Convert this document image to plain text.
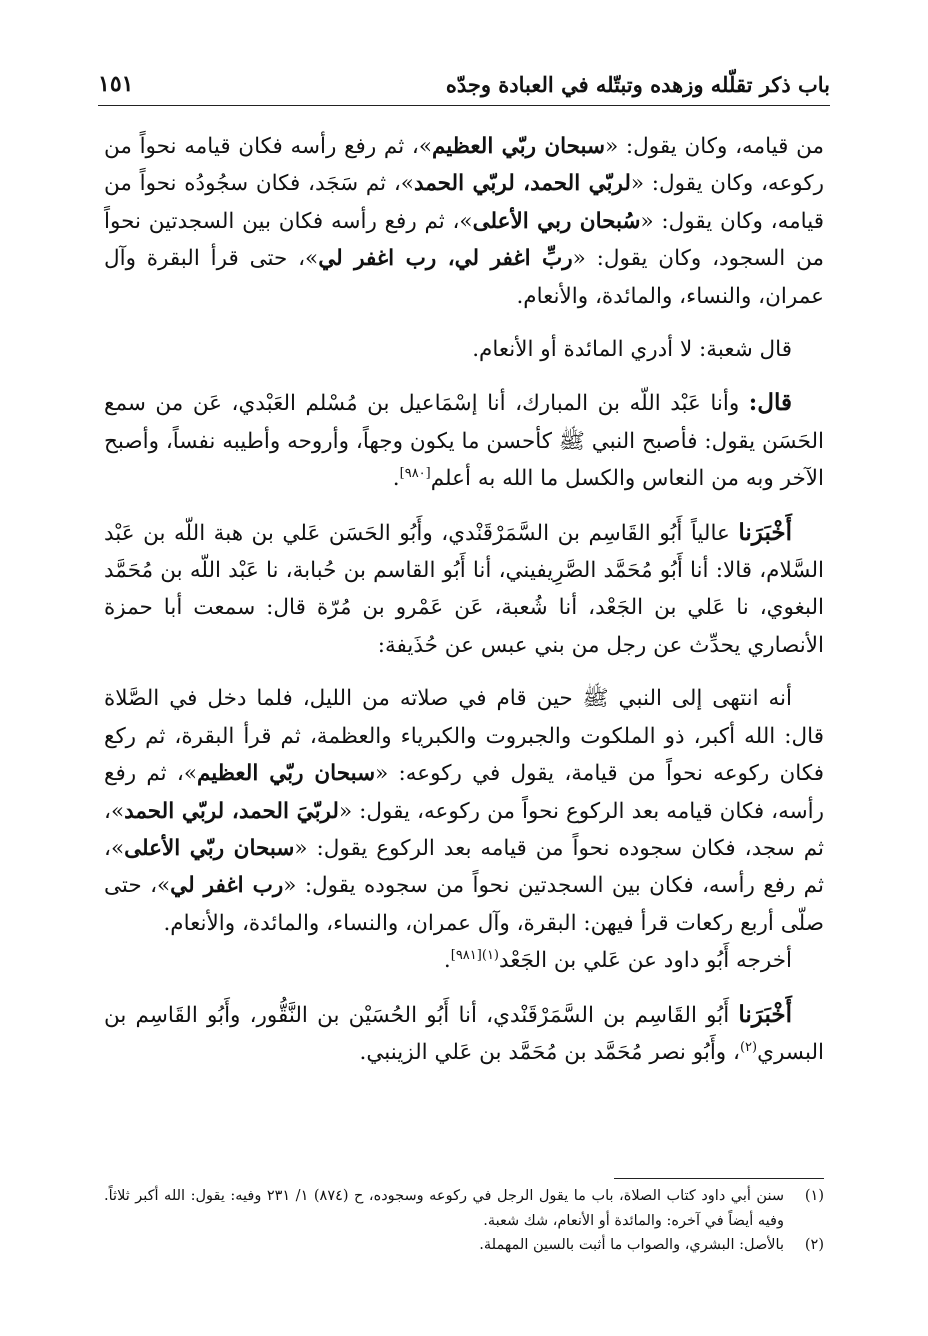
باب ذكر تقلّله وزهده وتبتّله في العبادة وجدّه
١٥١

من قيامه، وكان يقول: «سبحان ربّي العظيم»، ثم رفع رأسه فكان قيامه نحواً من ركوعه، وكان يقول: «لربّي الحمد، لربّي الحمد»، ثم سَجَد، فكان سجُودُه نحواً من قيامه، وكان يقول: «سُبحان ربي الأعلى»، ثم رفع رأسه فكان بين السجدتين نحواً من السجود، وكان يقول: «ربِّ اغفر لي، رب اغفر لي»، حتى قرأ البقرة وآل عمران، والنساء، والمائدة، والأنعام.

قال شعبة: لا أدري المائدة أو الأنعام.

قال: وأنا عَبْد اللّه بن المبارك، أنا إسْمَاعيل بن مُسْلم العَبْدي، عَن من سمع الحَسَن يقول: فأصبح النبي ﷺ كأحسن ما يكون وجهاً، وأروحه وأطيبه نفساً، وأصبح الآخر وبه من النعاس والكسل ما الله به أعلم[٩٨٠].

أَخْبَرَنا عالياً أَبُو القَاسِم بن السَّمَرْقَنْدي، وأَبُو الحَسَن عَلي بن هبة اللّه بن عَبْد السَّلام، قالا: أنا أَبُو مُحَمَّد الصَّرِيفيني، أنا أَبُو القاسم بن حُبابة، نا عَبْد اللّه بن مُحَمَّد البغوي، نا عَلي بن الجَعْد، أنا شُعبة، عَن عَمْرو بن مُرّة قال: سمعت أبا حمزة الأنصاري يحدِّث عن رجل من بني عبس عن حُذَيفة:

أنه انتهى إلى النبي ﷺ حين قام في صلاته من الليل، فلما دخل في الصَّلاة قال: الله أكبر، ذو الملكوت والجبروت والكبرياء والعظمة، ثم قرأ البقرة، ثم ركع فكان ركوعه نحواً من قيامة، يقول في ركوعه: «سبحان ربّي العظيم»، ثم رفع رأسه، فكان قيامه بعد الركوع نحواً من ركوعه، يقول: «لربّيَ الحمد، لربّي الحمد»، ثم سجد، فكان سجوده نحواً من قيامه بعد الركوع يقول: «سبحان ربّي الأعلى»، ثم رفع رأسه، فكان بين السجدتين نحواً من سجوده يقول: «رب اغفر لي»، حتى صلّى أربع ركعات قرأ فيهن: البقرة، وآل عمران، والنساء، والمائدة، والأنعام.

أخرجه أَبُو داود عن عَلي بن الجَعْد$^{(١)[٩٨١]}$.

أَخْبَرَنا أَبُو القَاسِم بن السَّمَرْقَنْدي، أنا أَبُو الحُسَيْن بن النَّقُّور، وأَبُو القَاسِم بن البسري$^{(٢)}$، وأَبُو نصر مُحَمَّد بن مُحَمَّد بن عَلي الزينبي.

(١)
سنن أبي داود كتاب الصلاة، باب ما يقول الرجل في ركوعه وسجوده، ح (٨٧٤) ١/ ٢٣١ وفيه: يقول: الله أكبر ثلاثاً. وفيه أيضاً في آخره: والمائدة أو الأنعام، شك شعبة.
(٢)
بالأصل: البشري، والصواب ما أثبت بالسين المهملة.
